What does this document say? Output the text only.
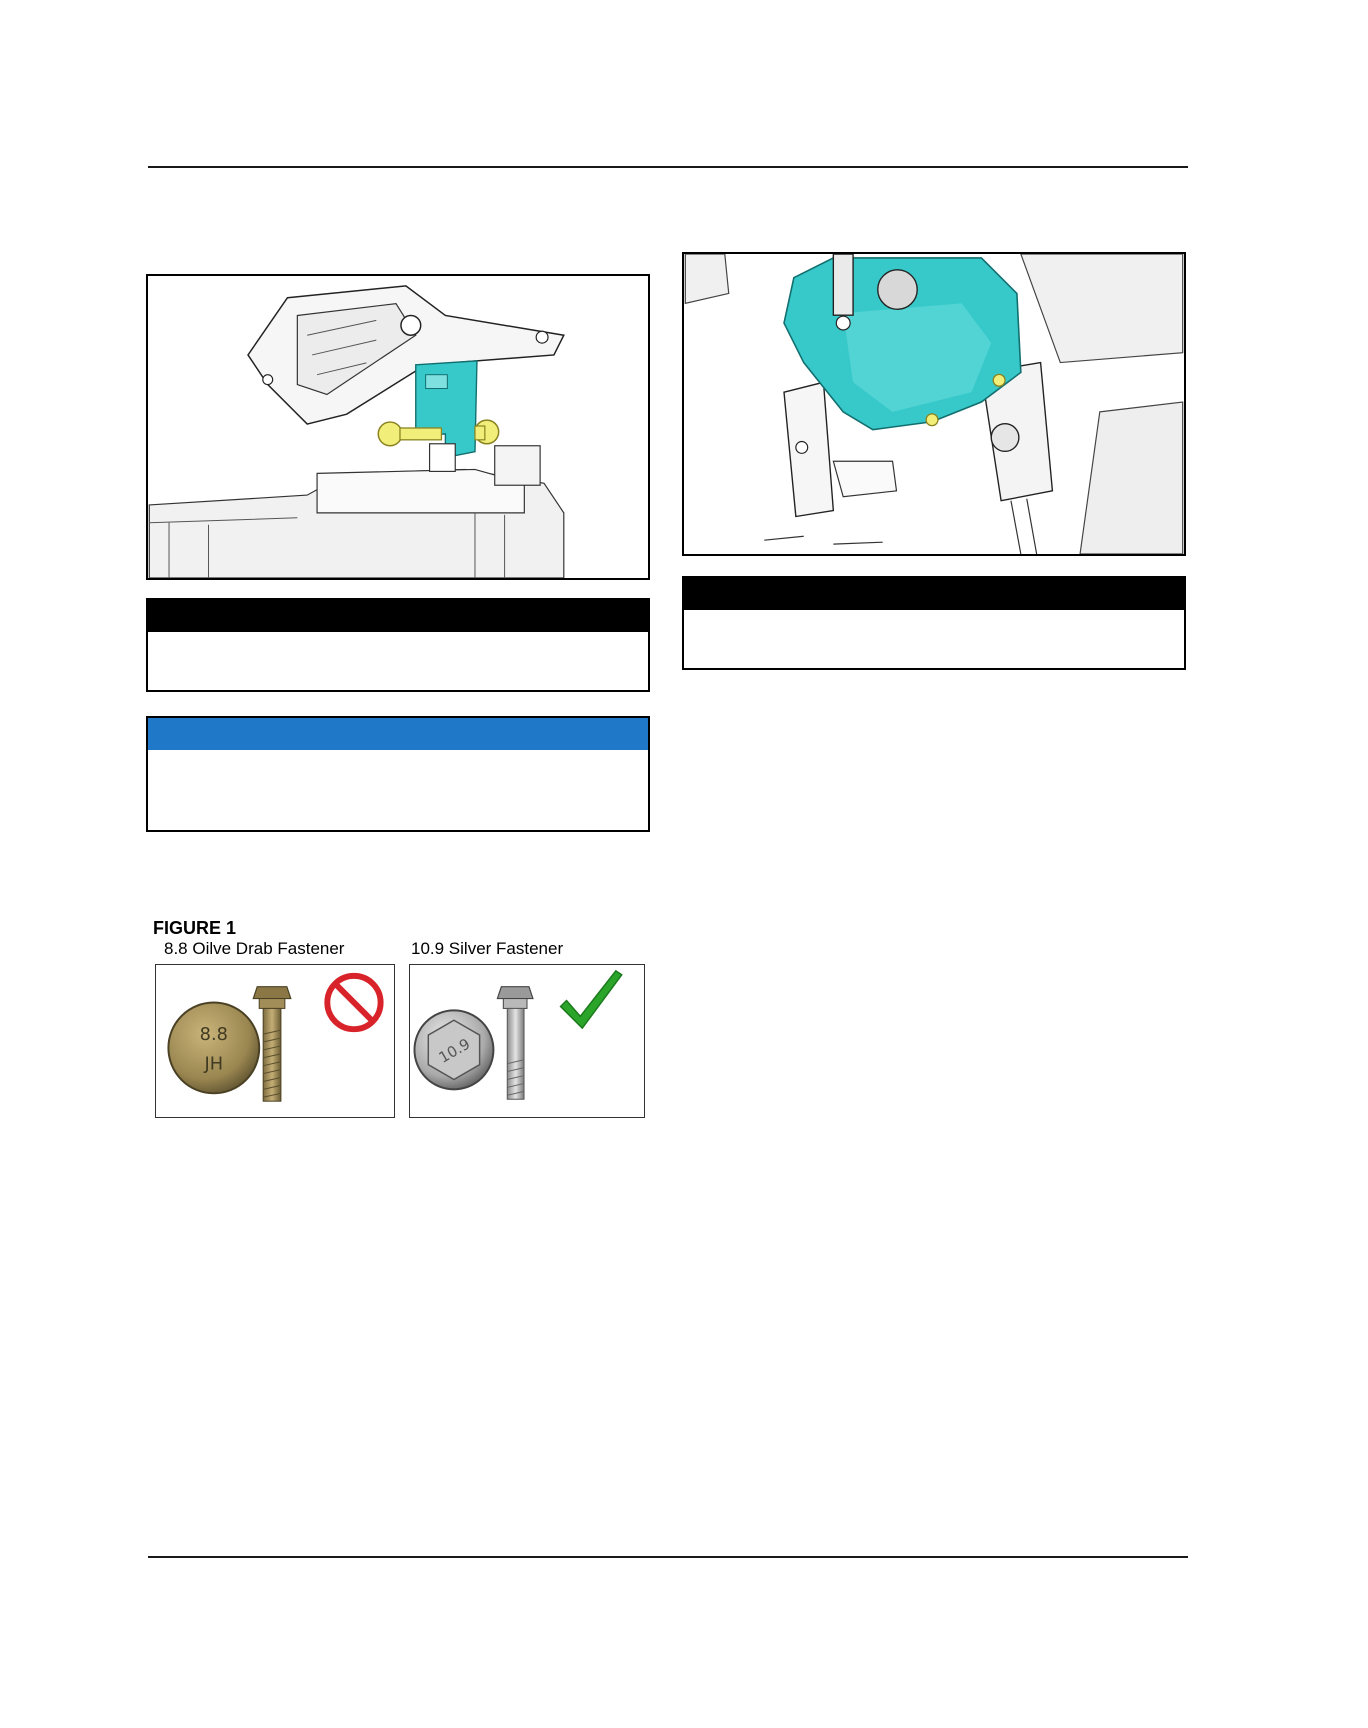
FIGURE 1
8.8 Oilve Drab Fastener	10.9 Silver Fastener
8.8
JH	10.9
